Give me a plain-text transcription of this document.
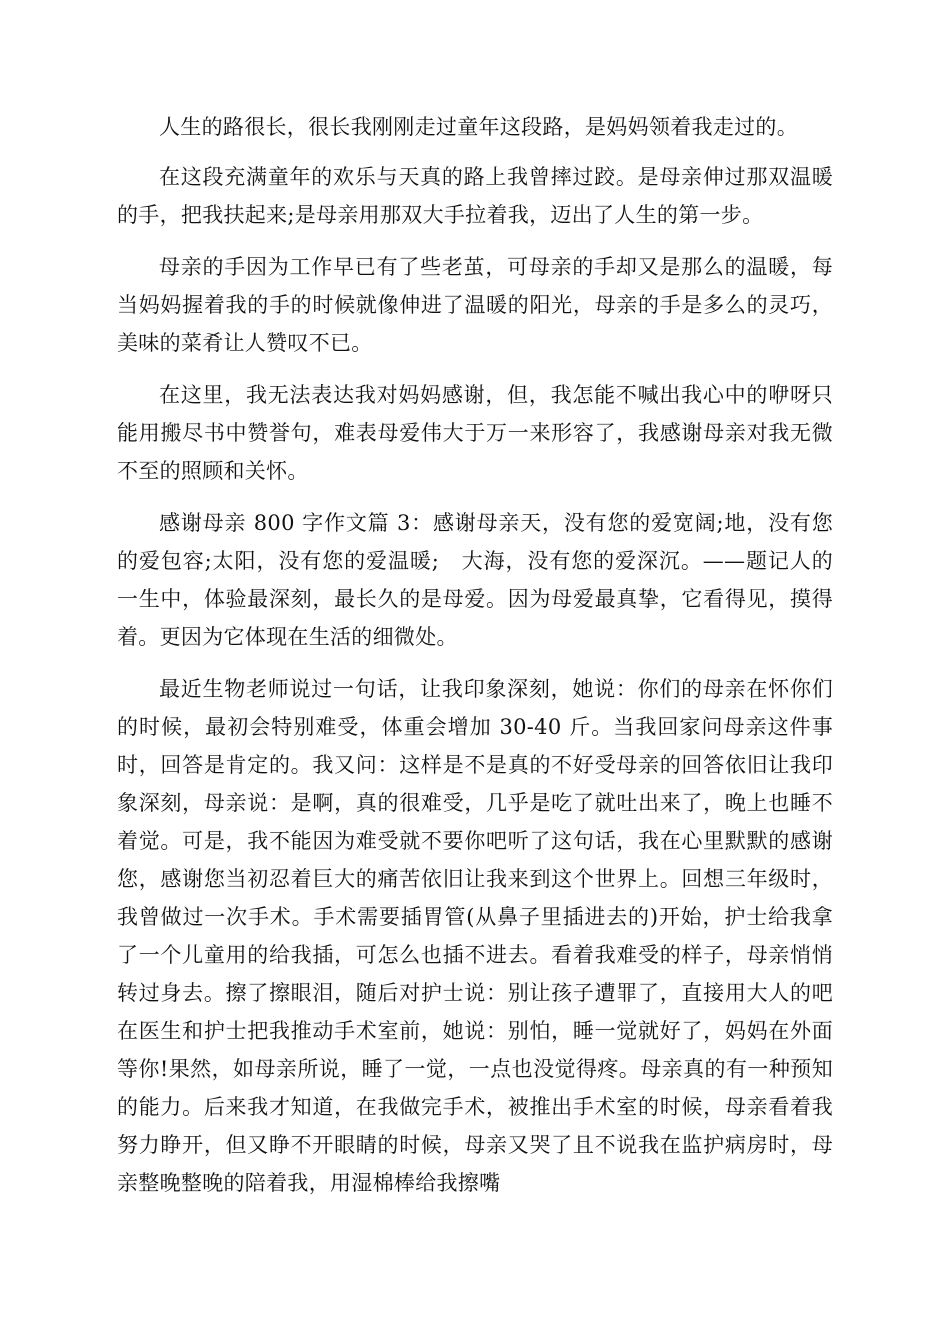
人生的路很长，很长我刚刚走过童年这段路，是妈妈领着我走过的。

在这段充满童年的欢乐与天真的路上我曾摔过跤。是母亲伸过那双温暖的手，把我扶起来;是母亲用那双大手拉着我，迈出了人生的第一步。

母亲的手因为工作早已有了些老茧，可母亲的手却又是那么的温暖，每当妈妈握着我的手的时候就像伸进了温暖的阳光，母亲的手是多么的灵巧，美味的菜肴让人赞叹不已。

在这里，我无法表达我对妈妈感谢，但，我怎能不喊出我心中的咿呀只能用搬尽书中赞誉句，难表母爱伟大于万一来形容了，我感谢母亲对我无微不至的照顾和关怀。

感谢母亲 800 字作文篇 3：感谢母亲天，没有您的爱宽阔;地，没有您的爱包容;太阳，没有您的爱温暖;　大海，没有您的爱深沉。——题记人的一生中，体验最深刻，最长久的是母爱。因为母爱最真挚，它看得见，摸得着。更因为它体现在生活的细微处。

最近生物老师说过一句话，让我印象深刻，她说：你们的母亲在怀你们的时候，最初会特别难受，体重会增加 30-40 斤。当我回家问母亲这件事时，回答是肯定的。我又问：这样是不是真的不好受母亲的回答依旧让我印象深刻，母亲说：是啊，真的很难受，几乎是吃了就吐出来了，晚上也睡不着觉。可是，我不能因为难受就不要你吧听了这句话，我在心里默默的感谢您，感谢您当初忍着巨大的痛苦依旧让我来到这个世界上。回想三年级时，我曾做过一次手术。手术需要插胃管(从鼻子里插进去的)开始，护士给我拿了一个儿童用的给我插，可怎么也插不进去。看着我难受的样子，母亲悄悄转过身去。擦了擦眼泪，随后对护士说：别让孩子遭罪了，直接用大人的吧在医生和护士把我推动手术室前，她说：别怕，睡一觉就好了，妈妈在外面等你!果然，如母亲所说，睡了一觉，一点也没觉得疼。母亲真的有一种预知的能力。后来我才知道，在我做完手术，被推出手术室的时候，母亲看着我努力睁开，但又睁不开眼睛的时候，母亲又哭了且不说我在监护病房时，母亲整晚整晚的陪着我，用湿棉棒给我擦嘴
